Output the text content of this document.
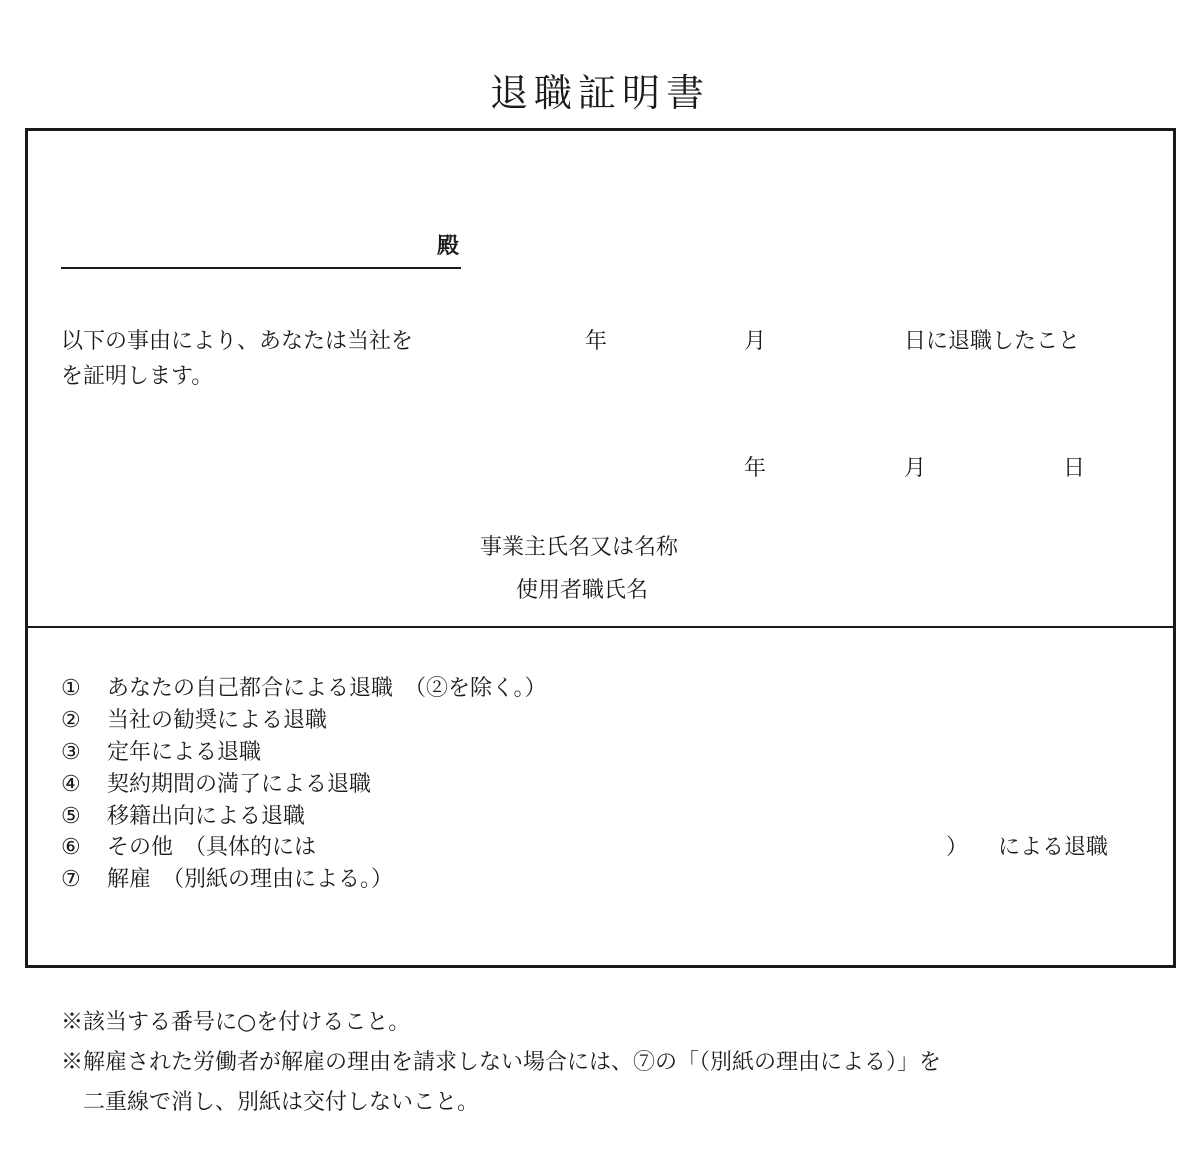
退職証明書
殿
以下の事由により、あなたは当社を	年	月	日に退職したこと
を証明します。
年	月	日
事業主氏名又は名称
使用者職氏名
① あなたの自己都合による退職　（②を除く。）
② 当社の勧奨による退職
③ 定年による退職
④ 契約期間の満了による退職
⑤ 移籍出向による退職
⑥ その他　（具体的には	） による退職
⑦ 解雇　（別紙の理由による。）
※該当する番号に○を付けること。
※解雇された労働者が解雇の理由を請求しない場合には、⑦の「（別紙の理由による）」を
二重線で消し、別紙は交付しないこと。
